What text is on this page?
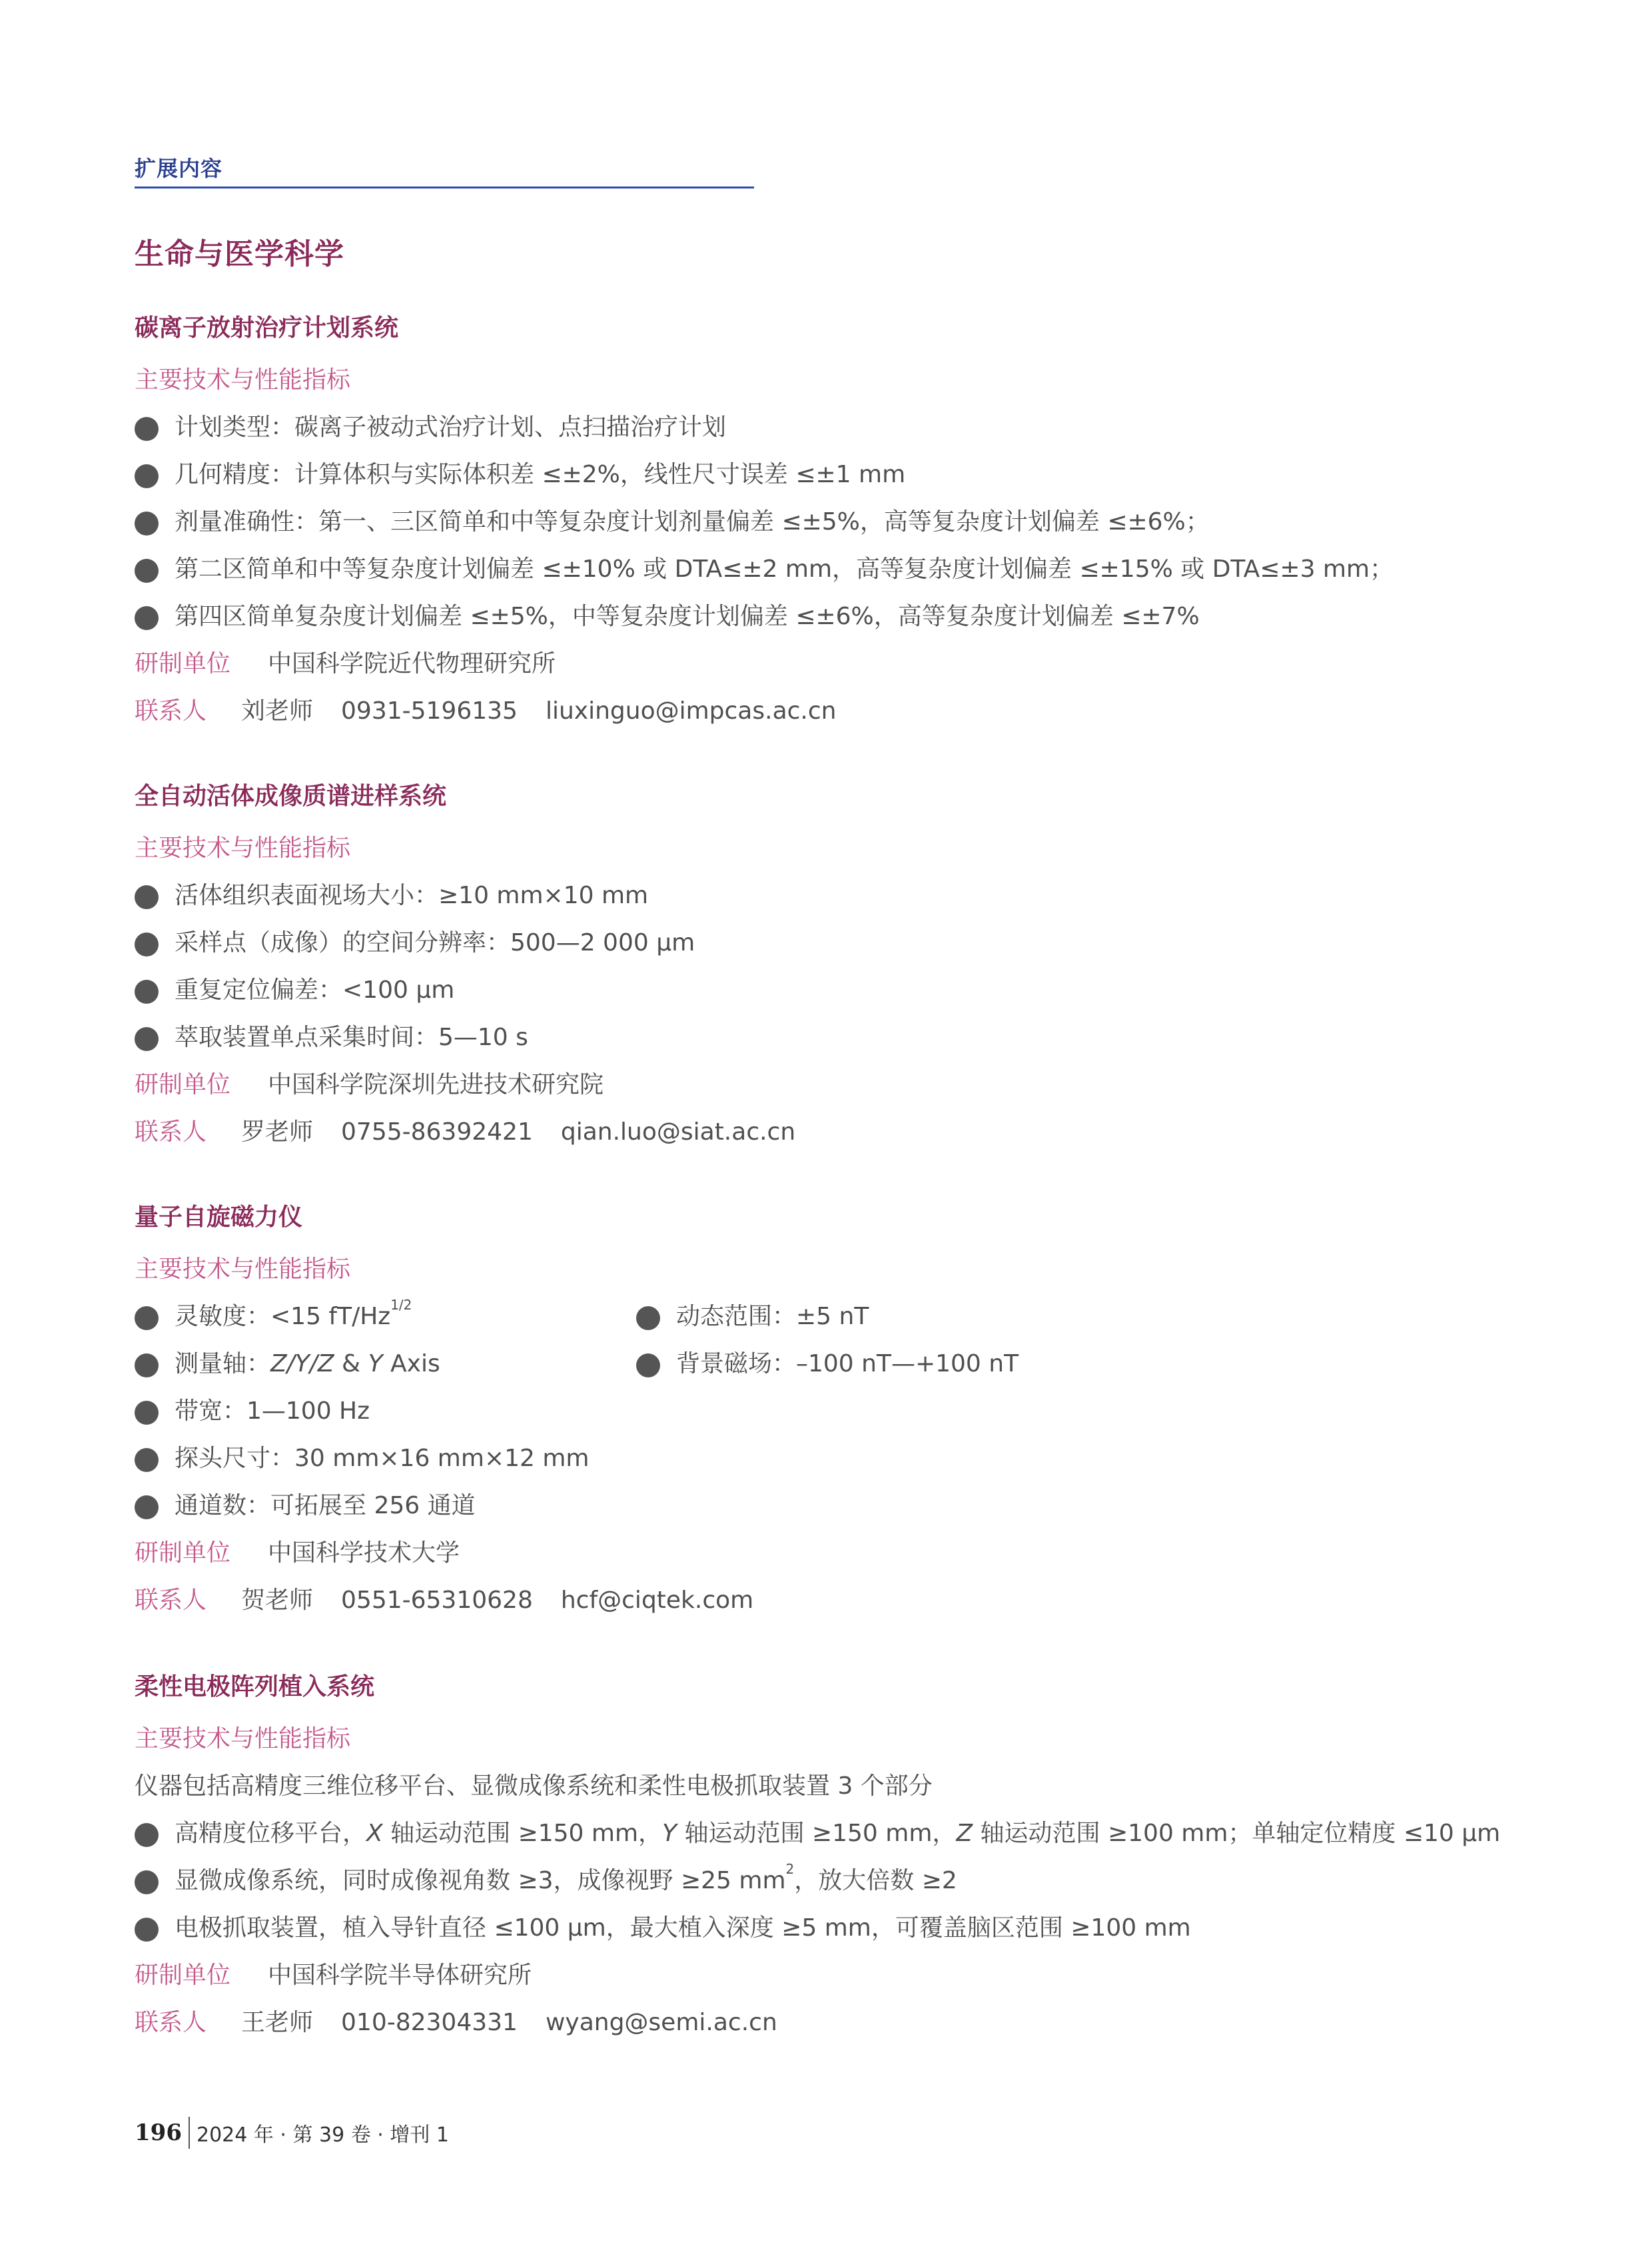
扩展内容
生命与医学科学
碳离子放射治疗计划系统
主要技术与性能指标
计划类型：碳离子被动式治疗计划、点扫描治疗计划
几何精度：计算体积与实际体积差 ≤±2%，线性尺寸误差 ≤±1 mm
剂量准确性：第一、三区简单和中等复杂度计划剂量偏差 ≤±5%，高等复杂度计划偏差 ≤±6%；
第二区简单和中等复杂度计划偏差 ≤±10% 或 DTA≤±2 mm，高等复杂度计划偏差 ≤±15% 或 DTA≤±3 mm；
第四区简单复杂度计划偏差 ≤±5%，中等复杂度计划偏差 ≤±6%，高等复杂度计划偏差 ≤±7%
研制单位 中国科学院近代物理研究所
联系人 刘老师 0931-5196135 liuxinguo@impcas.ac.cn
全自动活体成像质谱进样系统
主要技术与性能指标
活体组织表面视场大小：≥10 mm×10 mm
采样点（成像）的空间分辨率：500—2 000 μm
重复定位偏差：<100 μm
萃取装置单点采集时间：5—10 s
研制单位 中国科学院深圳先进技术研究院
联系人 罗老师 0755-86392421 qian.luo@siat.ac.cn
量子自旋磁力仪
主要技术与性能指标
灵敏度：<15 $fT/Hz^{1/2}$	动态范围：±5 nT
测量轴：Z/Y/Z & Y Axis	背景磁场：–100 nT—+100 nT
带宽：1—100 Hz
探头尺寸：30 mm×16 mm×12 mm
通道数：可拓展至 256 通道
研制单位 中国科学技术大学
联系人 贺老师 0551-65310628 hcf@ciqtek.com
柔性电极阵列植入系统
主要技术与性能指标
仪器包括高精度三维位移平台、显微成像系统和柔性电极抓取装置 3 个部分
高精度位移平台，X 轴运动范围 ≥150 mm，Y 轴运动范围 ≥150 mm，Z 轴运动范围 ≥100 mm；单轴定位精度 ≤10 μm
显微成像系统，同时成像视角数 ≥3，成像视野 ≥25 $mm^2$，放大倍数 ≥2
电极抓取装置，植入导针直径 ≤100 μm，最大植入深度 ≥5 mm，可覆盖脑区范围 ≥100 mm
研制单位 中国科学院半导体研究所
联系人 王老师 010-82304331 wyang@semi.ac.cn
196 2024 年 · 第 39 卷 · 增刊 1
